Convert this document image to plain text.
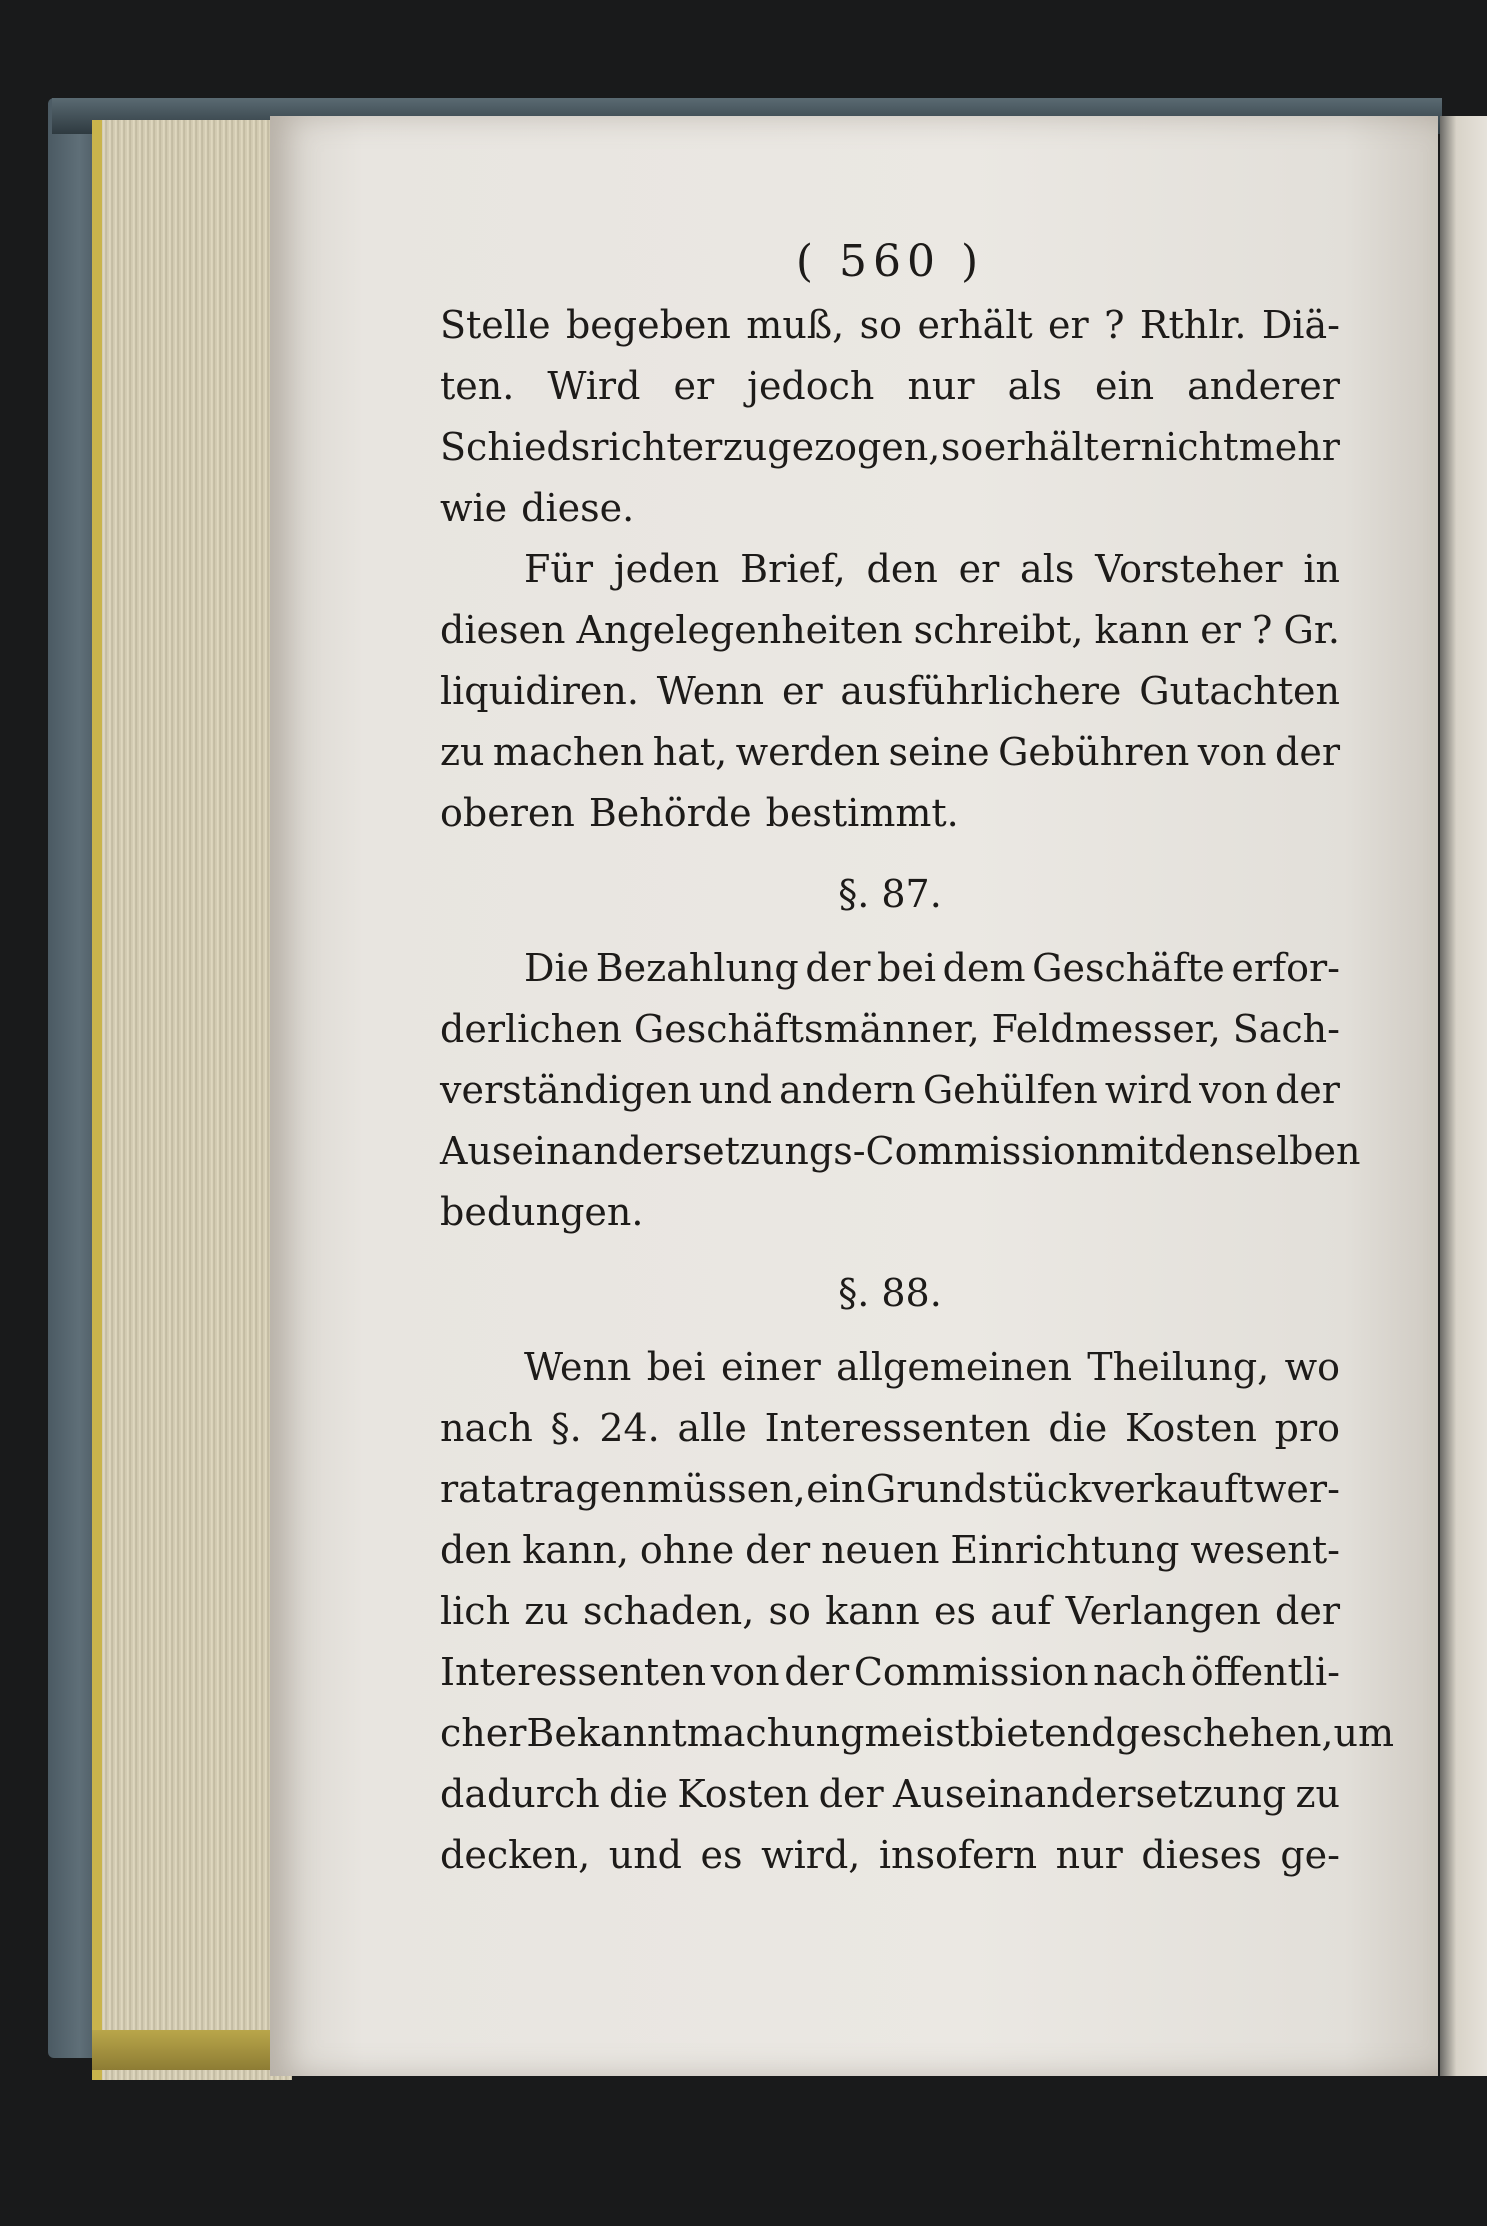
( 560 )
Stelle begeben muß, so erhält er ? Rthlr. Diä-
ten. Wird er jedoch nur als ein anderer
Schiedsrichter zugezogen, so erhält er nicht mehr
wie diese.
Für jeden Brief, den er als Vorsteher in
diesen Angelegenheiten schreibt, kann er ? Gr.
liquidiren. Wenn er ausführlichere Gutachten
zu machen hat, werden seine Gebühren von der
oberen Behörde bestimmt.
§. 87.
Die Bezahlung der bei dem Geschäfte erfor-
derlichen Geschäftsmänner, Feldmesser, Sach-
verständigen und andern Gehülfen wird von der
Auseinandersetzungs - Commission mit denselben
bedungen.
§. 88.
Wenn bei einer allgemeinen Theilung, wo
nach §. 24. alle Interessenten die Kosten pro
rata tragen müssen, ein Grundstück verkauft wer-
den kann, ohne der neuen Einrichtung wesent-
lich zu schaden, so kann es auf Verlangen der
Interessenten von der Commission nach öffentli-
cher Bekanntmachung meistbietend geschehen, um
dadurch die Kosten der Auseinandersetzung zu
decken, und es wird, insofern nur dieses ge-
